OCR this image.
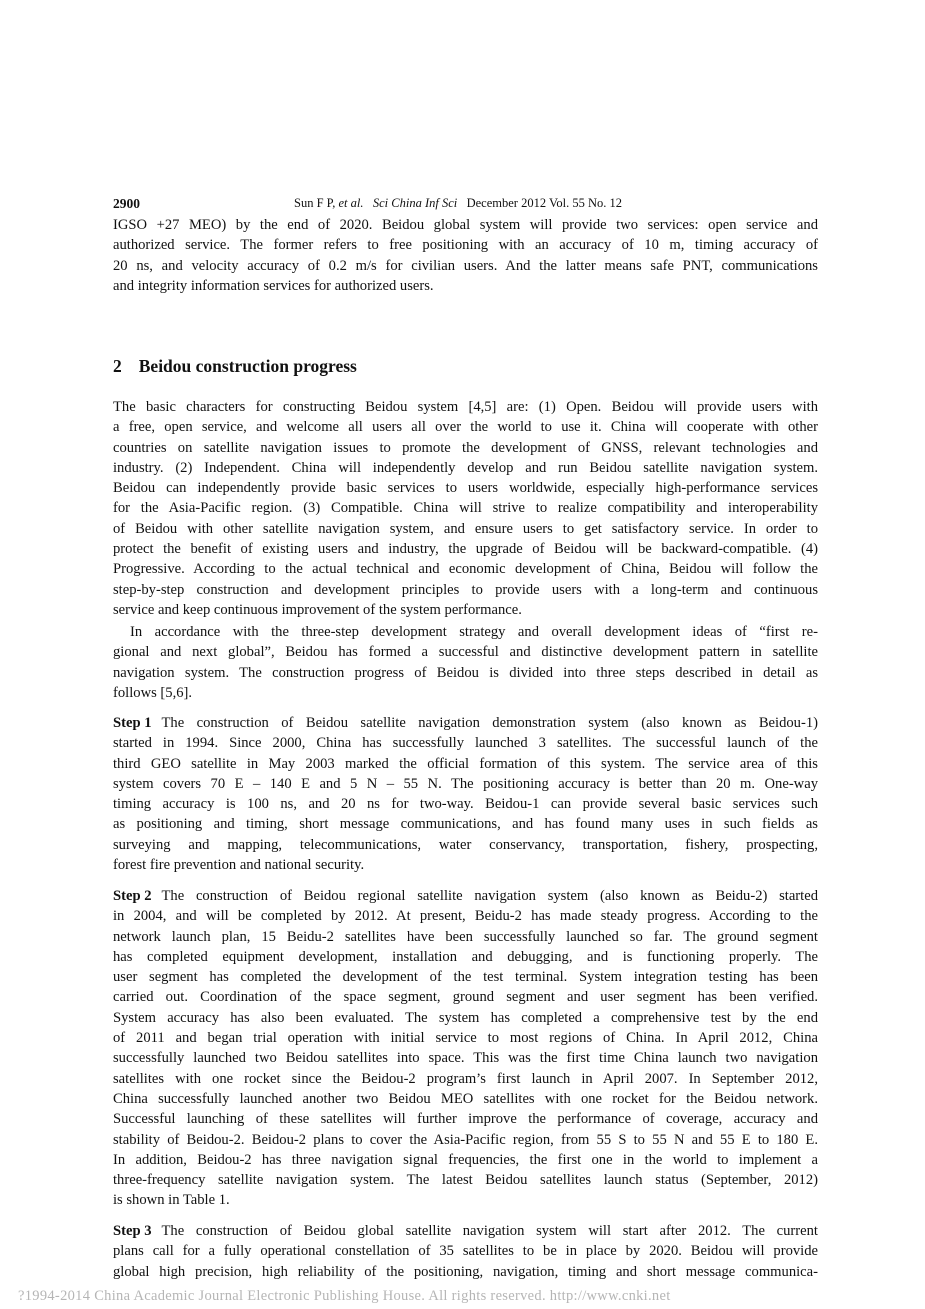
2900	Sun F P, et al. Sci China Inf Sci December 2012 Vol. 55 No. 12
IGSO +27 MEO) by the end of 2020. Beidou global system will provide two services: open service and
authorized service. The former refers to free positioning with an accuracy of 10 m, timing accuracy of
20 ns, and velocity accuracy of 0.2 m/s for civilian users. And the latter means safe PNT, communications
and integrity information services for authorized users.
2 Beidou construction progress
The basic characters for constructing Beidou system [4,5] are: (1) Open. Beidou will provide users with
a free, open service, and welcome all users all over the world to use it. China will cooperate with other
countries on satellite navigation issues to promote the development of GNSS, relevant technologies and
industry. (2) Independent. China will independently develop and run Beidou satellite navigation system.
Beidou can independently provide basic services to users worldwide, especially high-performance services
for the Asia-Pacific region. (3) Compatible. China will strive to realize compatibility and interoperability
of Beidou with other satellite navigation system, and ensure users to get satisfactory service. In order to
protect the benefit of existing users and industry, the upgrade of Beidou will be backward-compatible. (4)
Progressive. According to the actual technical and economic development of China, Beidou will follow the
step-by-step construction and development principles to provide users with a long-term and continuous
service and keep continuous improvement of the system performance.
In accordance with the three-step development strategy and overall development ideas of “first re-
gional and next global”, Beidou has formed a successful and distinctive development pattern in satellite
navigation system. The construction progress of Beidou is divided into three steps described in detail as
follows [5,6].
Step 1 The construction of Beidou satellite navigation demonstration system (also known as Beidou-1)
started in 1994. Since 2000, China has successfully launched 3 satellites. The successful launch of the
third GEO satellite in May 2003 marked the official formation of this system. The service area of this
system covers 70 E – 140 E and 5 N – 55 N. The positioning accuracy is better than 20 m. One-way
timing accuracy is 100 ns, and 20 ns for two-way. Beidou-1 can provide several basic services such
as positioning and timing, short message communications, and has found many uses in such fields as
surveying and mapping, telecommunications, water conservancy, transportation, fishery, prospecting,
forest fire prevention and national security.
Step 2 The construction of Beidou regional satellite navigation system (also known as Beidu-2) started
in 2004, and will be completed by 2012. At present, Beidu-2 has made steady progress. According to the
network launch plan, 15 Beidu-2 satellites have been successfully launched so far. The ground segment
has completed equipment development, installation and debugging, and is functioning properly. The
user segment has completed the development of the test terminal. System integration testing has been
carried out. Coordination of the space segment, ground segment and user segment has been verified.
System accuracy has also been evaluated. The system has completed a comprehensive test by the end
of 2011 and began trial operation with initial service to most regions of China. In April 2012, China
successfully launched two Beidou satellites into space. This was the first time China launch two navigation
satellites with one rocket since the Beidou-2 program’s first launch in April 2007. In September 2012,
China successfully launched another two Beidou MEO satellites with one rocket for the Beidou network.
Successful launching of these satellites will further improve the performance of coverage, accuracy and
stability of Beidou-2. Beidou-2 plans to cover the Asia-Pacific region, from 55 S to 55 N and 55 E to 180 E.
In addition, Beidou-2 has three navigation signal frequencies, the first one in the world to implement a
three-frequency satellite navigation system. The latest Beidou satellites launch status (September, 2012)
is shown in Table 1.
Step 3 The construction of Beidou global satellite navigation system will start after 2012. The current
plans call for a fully operational constellation of 35 satellites to be in place by 2020. Beidou will provide
global high precision, high reliability of the positioning, navigation, timing and short message communica-
?1994-2014 China Academic Journal Electronic Publishing House. All rights reserved. http://www.cnki.net
